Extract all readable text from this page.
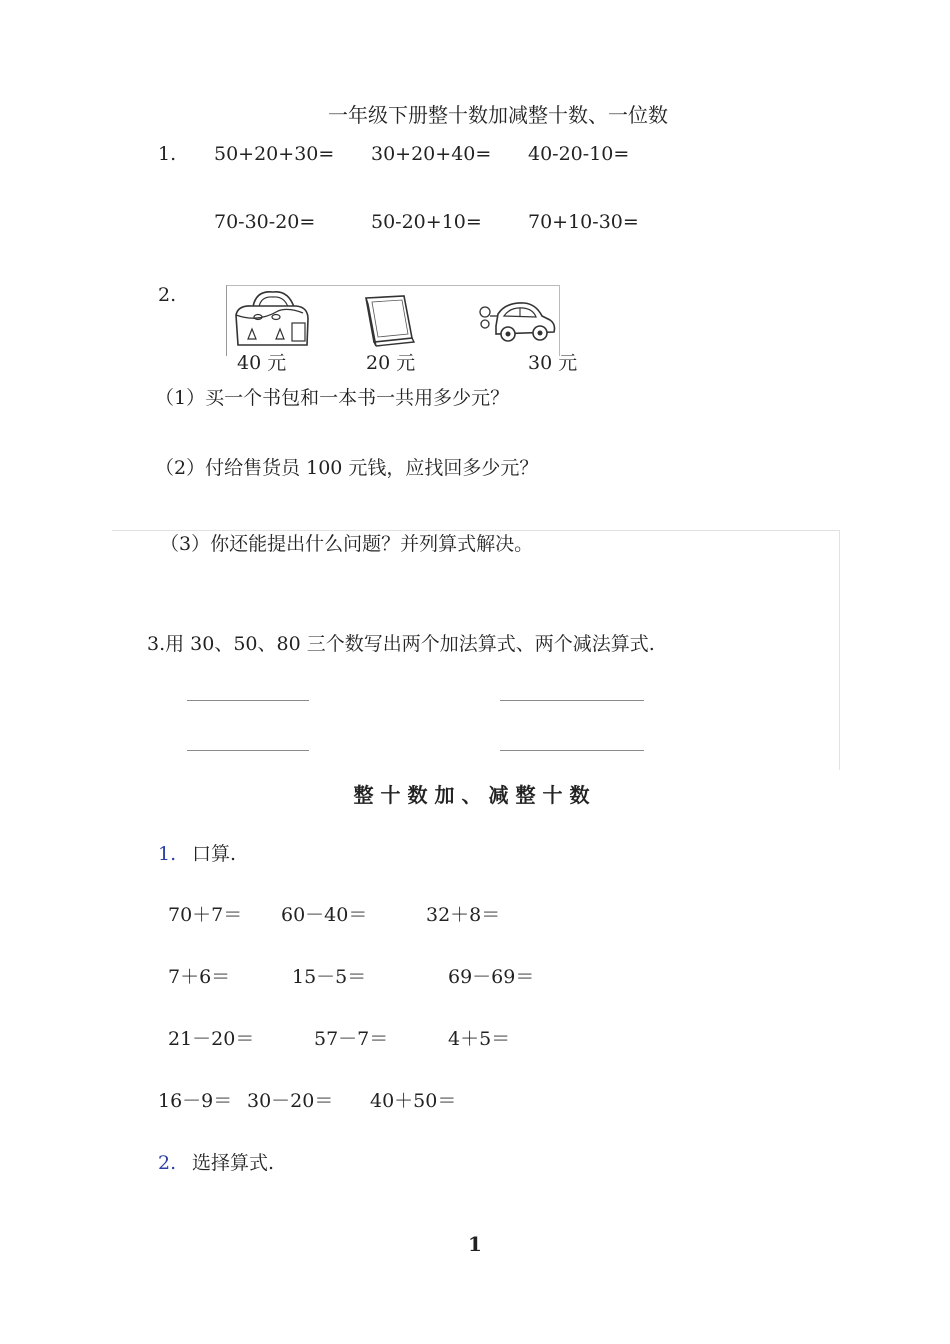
一年级下册整十数加减整十数、一位数
1. 50+20+30= 30+20+40= 40-20-10=
70-30-20=	50-20+10= 70+10-30=
2.
40 元	20 元	30 元
（1）买一个书包和一本书一共用多少元？
（2）付给售货员 100 元钱，应找回多少元？
（3）你还能提出什么问题？并列算式解决。
3.用 30、50、80 三个数写出两个加法算式、两个减法算式.
整十数加、减整十数
1. 口算.
70＋7＝ 60－40＝	32＋8＝
7＋6＝	15－5＝	69－69＝
21－20＝	57－7＝	4＋5＝
16－9＝ 30－20＝ 40＋50＝
2. 选择算式.
1
